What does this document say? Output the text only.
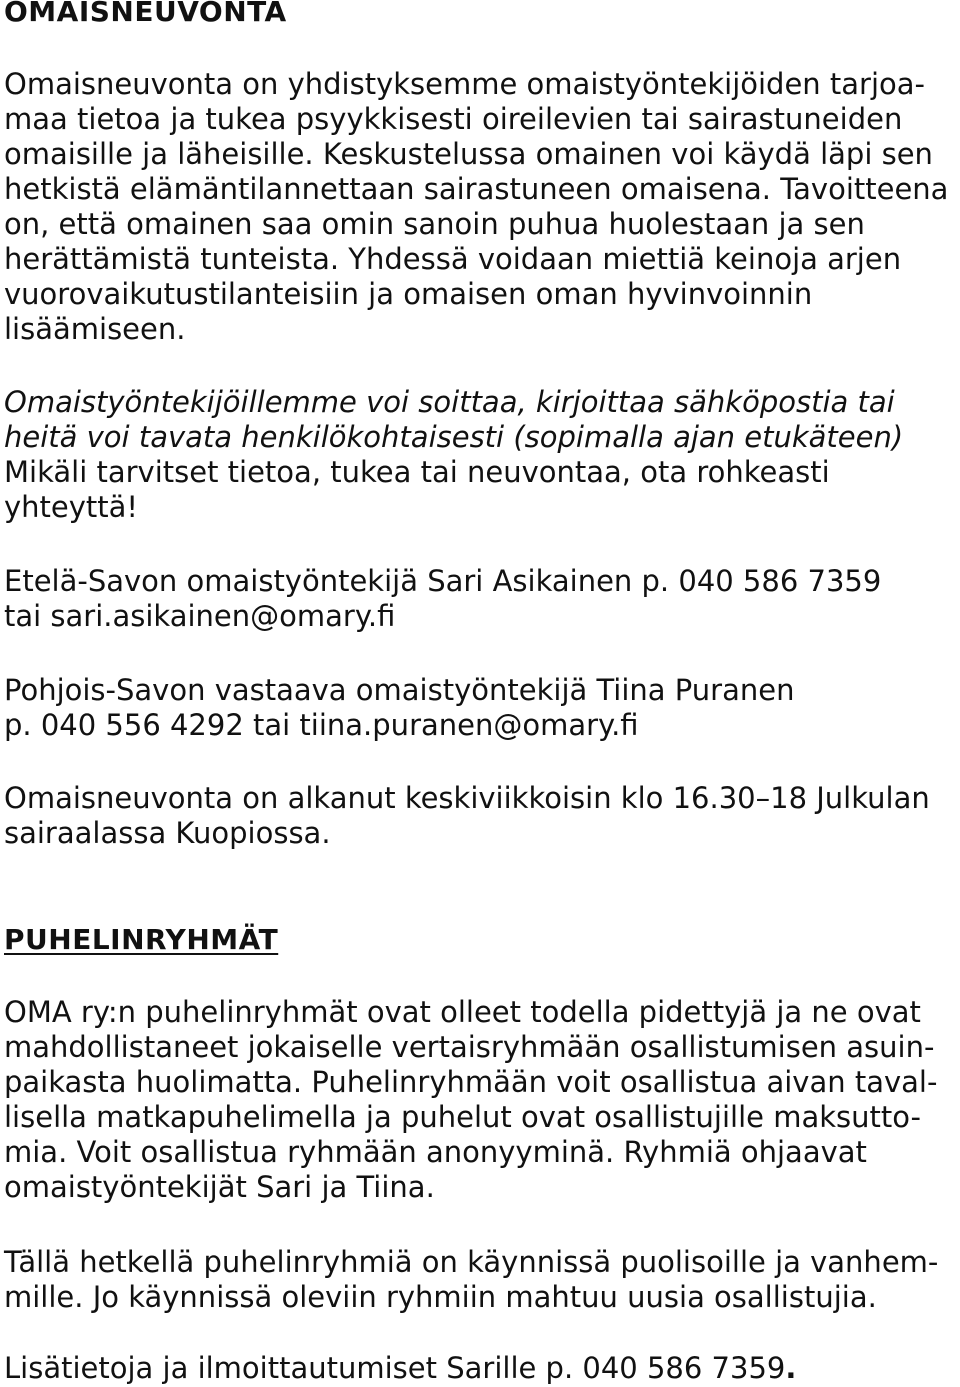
OMAISNEUVONTA
Omaisneuvonta on yhdistyksemme omaistyöntekijöiden tarjoa-
maa tietoa ja tukea psyykkisesti oireilevien tai sairastuneiden
omaisille ja läheisille. Keskustelussa omainen voi käydä läpi sen
hetkistä elämäntilannettaan sairastuneen omaisena. Tavoitteena
on, että omainen saa omin sanoin puhua huolestaan ja sen
herättämistä tunteista. Yhdessä voidaan miettiä keinoja arjen
vuorovaikutustilanteisiin ja omaisen oman hyvinvoinnin
lisäämiseen.
Omaistyöntekijöillemme voi soittaa, kirjoittaa sähköpostia tai
heitä voi tavata henkilökohtaisesti (sopimalla ajan etukäteen)
Mikäli tarvitset tietoa, tukea tai neuvontaa, ota rohkeasti
yhteyttä!
Etelä-Savon omaistyöntekijä Sari Asikainen p. 040 586 7359
tai sari.asikainen@omary.fi
Pohjois-Savon vastaava omaistyöntekijä Tiina Puranen
p. 040 556 4292 tai tiina.puranen@omary.fi
Omaisneuvonta on alkanut keskiviikkoisin klo 16.30–18 Julkulan
sairaalassa Kuopiossa.
PUHELINRYHMÄT
OMA ry:n puhelinryhmät ovat olleet todella pidettyjä ja ne ovat
mahdollistaneet jokaiselle vertaisryhmään osallistumisen asuin-
paikasta huolimatta. Puhelinryhmään voit osallistua aivan taval-
lisella matkapuhelimella ja puhelut ovat osallistujille maksutto-
mia. Voit osallistua ryhmään anonyyminä. Ryhmiä ohjaavat
omaistyöntekijät Sari ja Tiina.
Tällä hetkellä puhelinryhmiä on käynnissä puolisoille ja vanhem-
mille. Jo käynnissä oleviin ryhmiin mahtuu uusia osallistujia.
Lisätietoja ja ilmoittautumiset Sarille p. 040 586 7359.
